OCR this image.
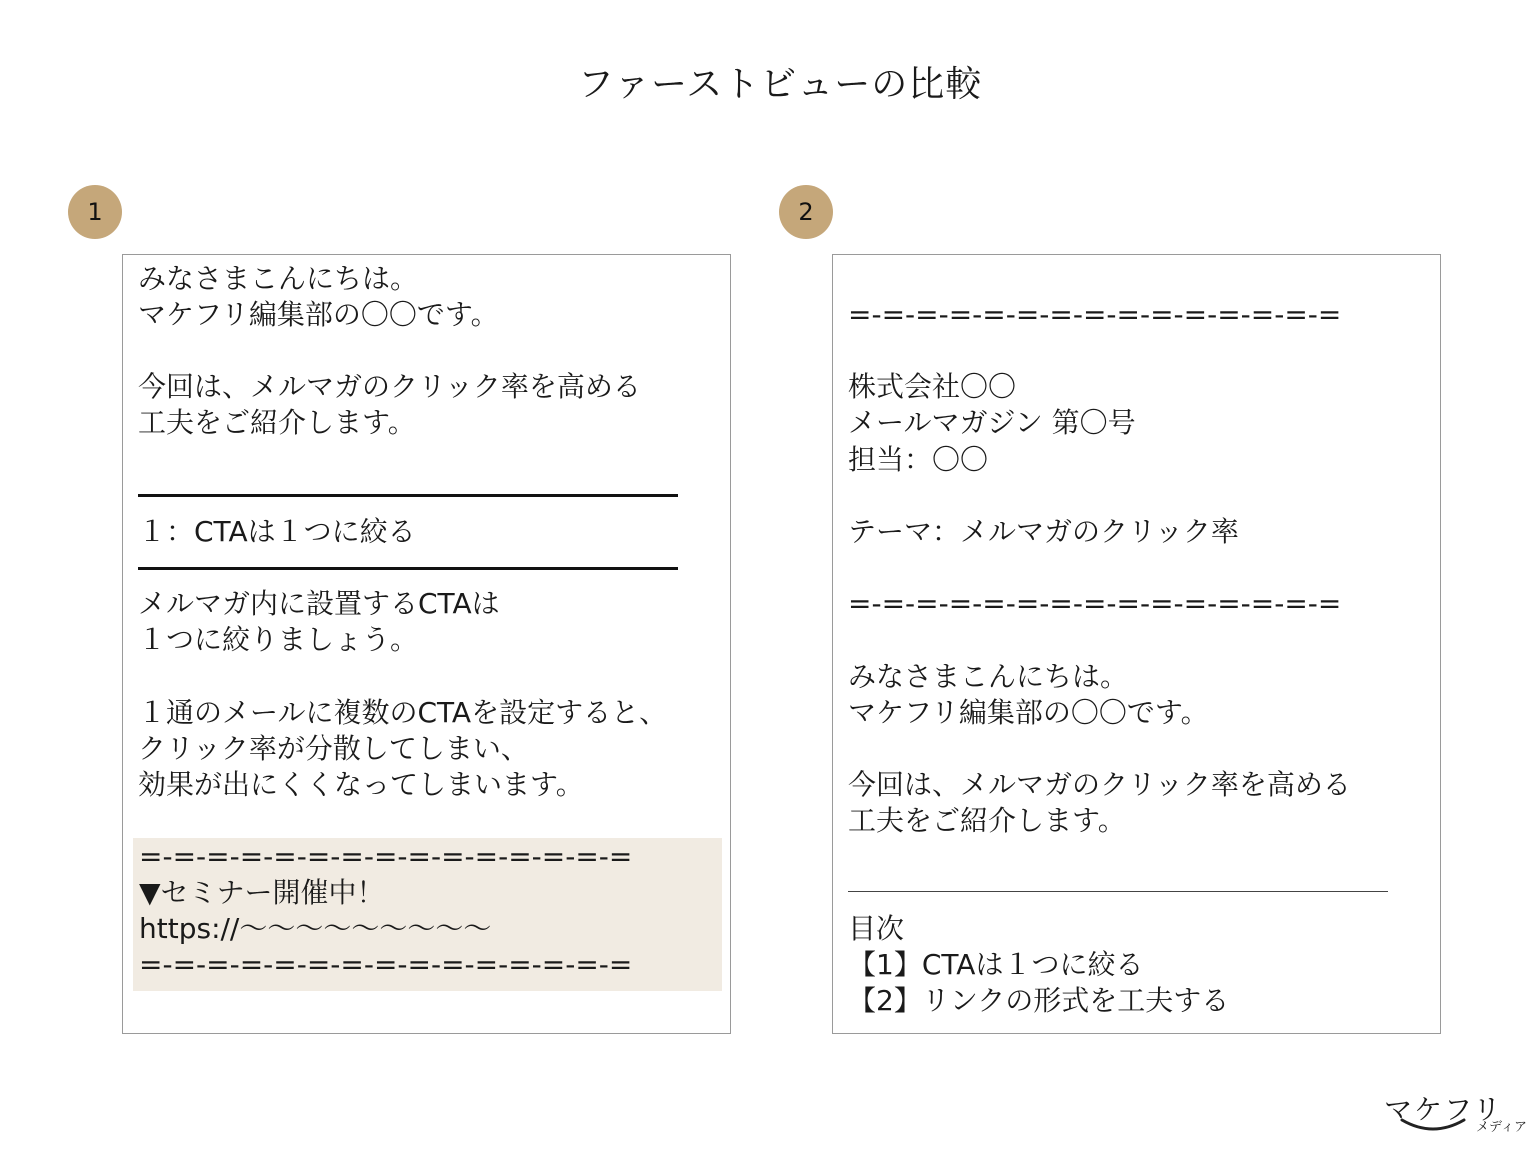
ファーストビューの比較
1
みなさまこんにちは。
マケフリ編集部の〇〇です。
今回は、メルマガのクリック率を高める
工夫をご紹介します。
１：CTAは１つに絞る
メルマガ内に設置するCTAは
１つに絞りましょう。
１通のメールに複数のCTAを設定すると、
クリック率が分散してしまい、
効果が出にくくなってしまいます。
=-=-=-=-=-=-=-=-=-=-=-=-=-=-=
▼セミナー開催中！
https://〜〜〜〜〜〜〜〜〜
=-=-=-=-=-=-=-=-=-=-=-=-=-=-=
2
=-=-=-=-=-=-=-=-=-=-=-=-=-=-=
株式会社〇〇
メールマガジン 第〇号
担当：〇〇
テーマ：メルマガのクリック率
=-=-=-=-=-=-=-=-=-=-=-=-=-=-=
みなさまこんにちは。
マケフリ編集部の〇〇です。
今回は、メルマガのクリック率を高める
工夫をご紹介します。
目次
【1】CTAは１つに絞る
【2】リンクの形式を工夫する
マケフリ
メディア
